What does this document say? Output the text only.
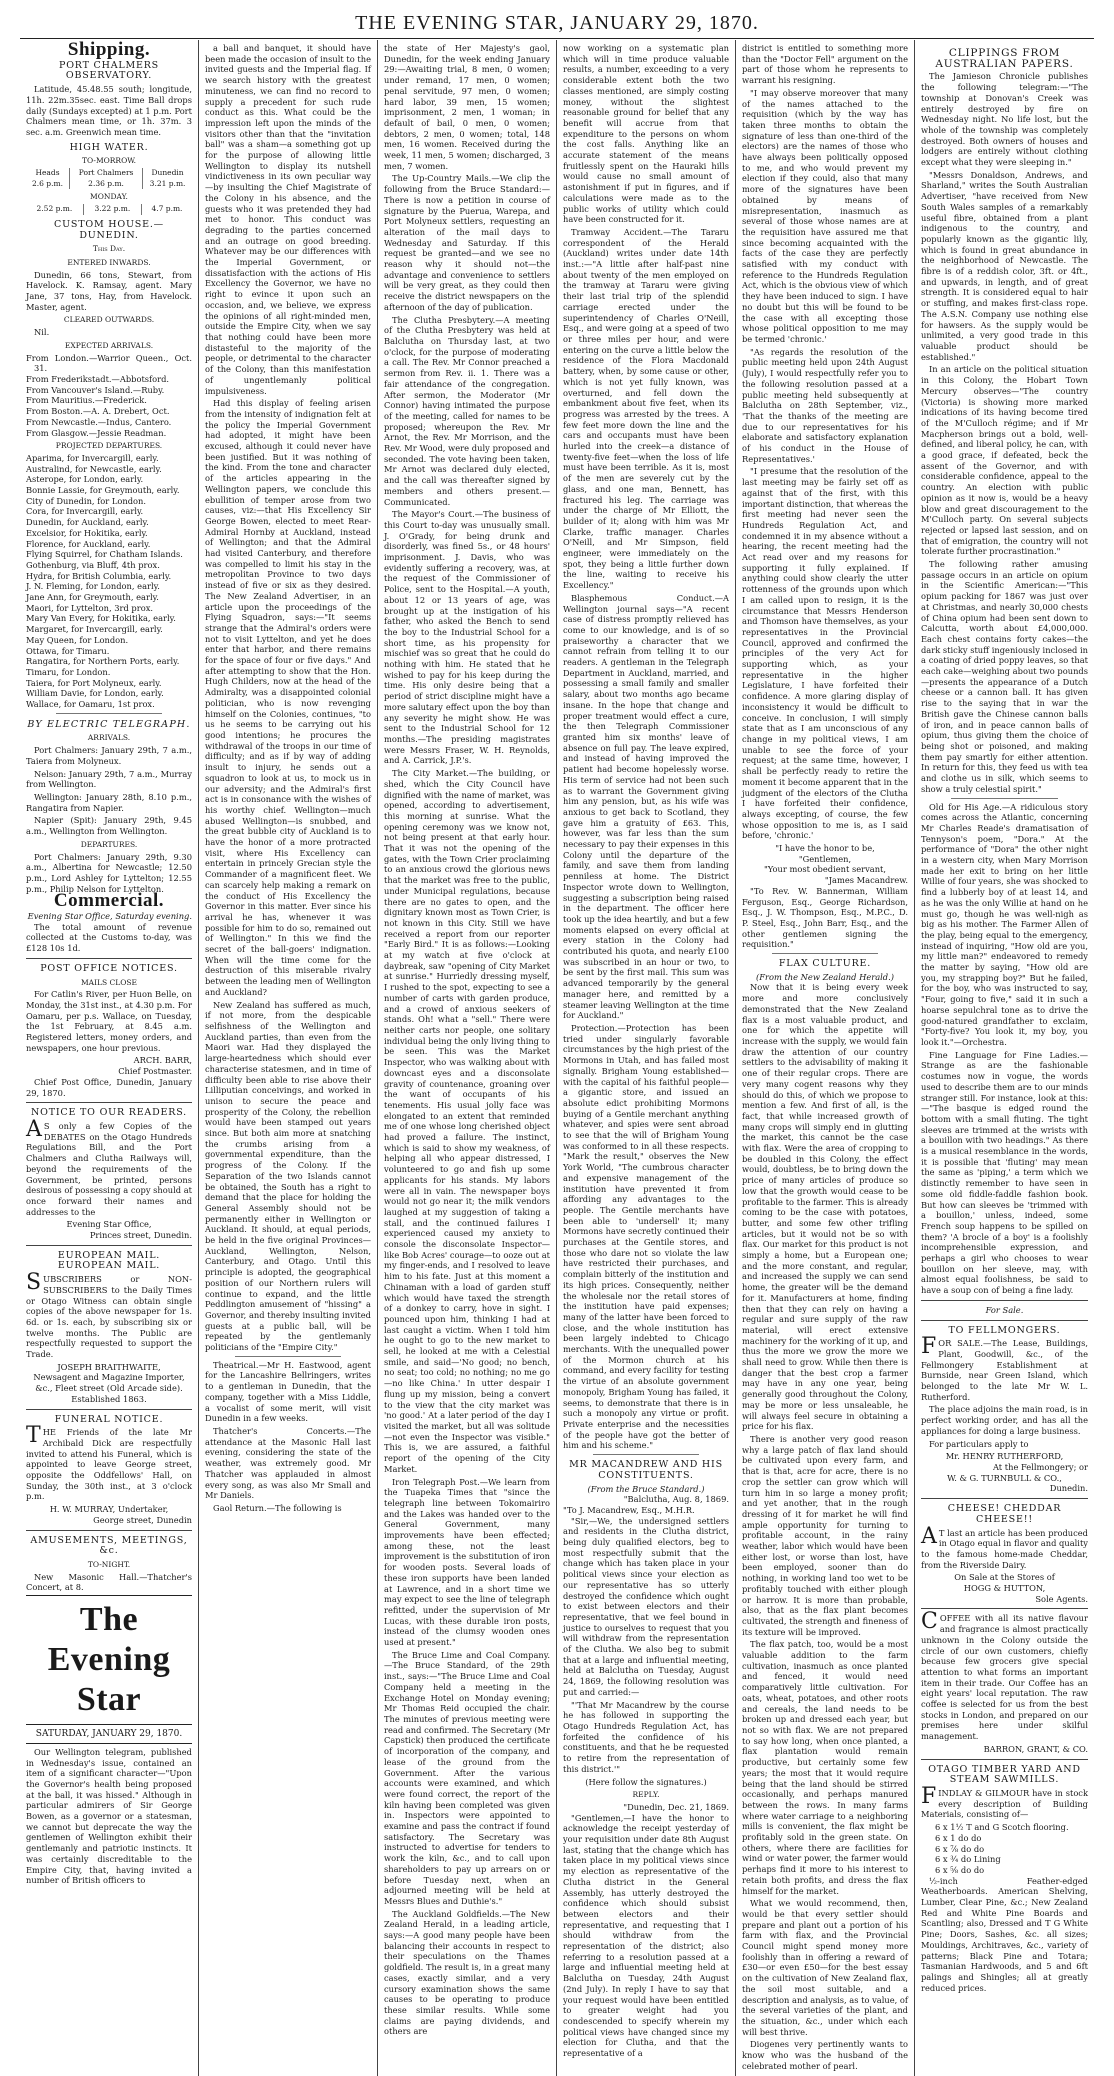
THE EVENING STAR, JANUARY 29, 1870.
Shipping.
PORT CHALMERS OBSERVATORY.

Latitude, 45.48.55 south; longitude, 11h. 22m.35sec. east. Time Ball drops daily (Sundays excepted) at 1 p.m. Port Chalmers mean time, or 1h. 37m. 3 sec. a.m. Greenwich mean time.

HIGH WATER.
TO-MORROW.
Heads	Port Chalmers	Dunedin
2.6 p.m.	2.36 p.m.	3.21 p.m.
MONDAY.
2.52 p.m.	3.22 p.m.	4.7 p.m.
CUSTOM HOUSE.—DUNEDIN.
This Day.
ENTERED INWARDS.

Dunedin, 66 tons, Stewart, from Havelock. K. Ramsay, agent. Mary Jane, 37 tons, Hay, from Havelock. Master, agent.

CLEARED OUTWARDS.

Nil.

EXPECTED ARRIVALS.
From London.—Warrior Queen., Oct. 31.
From Frederikstadt.—Abbotsford.
From Vancouver's Island.—Ruby.
From Mauritius.—Frederick.
From Boston.—A. A. Drebert, Oct.
From Newcastle.—Indus, Cantero.
From Glasgow.—Jessie Readman.
PROJECTED DEPARTURES.
Aparima, for Invercargill, early.
Australind, for Newcastle, early.
Asterope, for London, early.
Bonnie Lassie, for Greymouth, early.
City of Dunedin, for London.
Cora, for Invercargill, early.
Dunedin, for Auckland, early.
Excelsior, for Hokitika, early.
Florence, for Auckland, early.
Flying Squirrel, for Chatham Islands.
Gothenburg, via Bluff, 4th prox.
Hydra, for British Columbia, early.
J. N. Fleming, for London, early.
Jane Ann, for Greymouth, early.
Maori, for Lyttelton, 3rd prox.
Mary Van Every, for Hokitika, early.
Margaret, for Invercargill, early.
May Queen, for London.
Ottawa, for Timaru.
Rangatira, for Northern Ports, early.
Timaru, for London.
Taiera, for Port Molyneux, early.
William Davie, for London, early.
Wallace, for Oamaru, 1st prox.
BY ELECTRIC TELEGRAPH.
ARRIVALS.

Port Chalmers: January 29th, 7 a.m., Taiera from Molyneux.

Nelson: January 29th, 7 a.m., Murray from Wellington.

Wellington: January 28th, 8.10 p.m., Rangatira from Napier.

Napier (Spit): January 29th, 9.45 a.m., Wellington from Wellington.

DEPARTURES.

Port Chalmers: January 29th, 9.30 a.m., Albertina for Newcastle; 12.50 p.m., Lord Ashley for Lyttelton; 12.55 p.m., Philip Nelson for Lyttelton.

Commercial.
Evening Star Office, Saturday evening.

The total amount of revenue collected at the Customs to-day, was £128 10s 1d.

POST OFFICE NOTICES.
MAILS CLOSE

For Catlin's River, per Huon Belle, on Monday, the 31st inst., at 4.30 p.m. For Oamaru, per p.s. Wallace, on Tuesday, the 1st February, at 8.45 a.m. Registered letters, money orders, and newspapers, one hour previous.

ARCH. BARR,
Chief Postmaster.

Chief Post Office, Dunedin, January 29, 1870.

NOTICE TO OUR READERS.

AS only a few Copies of the DEBATES on the Otago Hundreds Regulations Bill, and the Port Chalmers and Clutha Railways will, beyond the requirements of the Government, be printed, persons desirous of possessing a copy should at once forward their names and addresses to the

Evening Star Office,
Princes street, Dunedin.
EUROPEAN MAIL. EUROPEAN MAIL.

SUBSCRIBERS or NON-SUBSCRIBERS to the Daily Times or Otago Witness can obtain single copies of the above newspaper for 1s. 6d. or 1s. each, by subscribing six or twelve months. The Public are respectfully requested to support the Trade.

JOSEPH BRAITHWAITE,
Newsagent and Magazine Importer, &c., Fleet street (Old Arcade side). Established 1863.
FUNERAL NOTICE.

THE Friends of the late Mr Archibald Dick are respectfully invited to attend his Funeral, which is appointed to leave George street, opposite the Oddfellows' Hall, on Sunday, the 30th inst., at 3 o'clock p.m.

H. W. MURRAY, Undertaker,
George street, Dunedin
AMUSEMENTS, MEETINGS, &c.
TO-NIGHT.

New Masonic Hall.—Thatcher's Concert, at 8.

The Evening Star
SATURDAY, JANUARY 29, 1870.

Our Wellington telegram, published in Wednesday's issue, contained an item of a significant character—"Upon the Governor's health being proposed at the ball, it was hissed." Although in particular admirers of Sir George Bowen, as a governor or a statesman, we cannot but deprecate the way the gentlemen of Wellington exhibit their gentlemanly and patriotic instincts. It was certainly discreditable to the Empire City, that, having invited a number of British officers to

a ball and banquet, it should have been made the occasion of insult to the invited guests and the Imperial flag. If we search history with the greatest minuteness, we can find no record to supply a precedent for such rude conduct as this. What could be the impression left upon the minds of the visitors other than that the "invitation ball" was a sham—a something got up for the purpose of allowing little Wellington to display its nutshell vindictiveness in its own peculiar way—by insulting the Chief Magistrate of the Colony in his absence, and the guests who it was pretended they had met to honor. This conduct was degrading to the parties concerned and an outrage on good breeding. Whatever may be our differences with the Imperial Government, or dissatisfaction with the actions of His Excellency the Governor, we have no right to evince it upon such an occasion, and, we believe, we express the opinions of all right-minded men, outside the Empire City, when we say that nothing could have been more distasteful to the majority of the people, or detrimental to the character of the Colony, than this manifestation of ungentlemanly political impulsiveness.

Had this display of feeling arisen from the intensity of indignation felt at the policy the Imperial Government had adopted, it might have been excused, although it could never have been justified. But it was nothing of the kind. From the tone and character of the articles appearing in the Wellington papers, we conclude this ebullition of temper arose from two causes, viz:—that His Excellency Sir George Bowen, elected to meet Rear-Admiral Hornby at Auckland, instead of Wellington; and that the Admiral had visited Canterbury, and therefore was compelled to limit his stay in the metropolitan Province to two days instead of five or six as they desired. The New Zealand Advertiser, in an article upon the proceedings of the Flying Squadron, says:—"It seems strange that the Admiral's orders were not to visit Lyttelton, and yet he does enter that harbor, and there remains for the space of four or five days." And after attempting to show that the Hon. Hugh Childers, now at the head of the Admiralty, was a disappointed colonial politician, who is now revenging himself on the Colonies, continues, "to us he seems to be carrying out his good intentions; he procures the withdrawal of the troops in our time of difficulty; and as if by way of adding insult to injury, he sends out a squadron to look at us, to mock us in our adversity; and the Admiral's first act is in consonance with the wishes of his worthy chief. Wellington—much abused Wellington—is snubbed, and the great bubble city of Auckland is to have the honor of a more protracted visit, where His Excellency can entertain in princely Grecian style the Commander of a magnificent fleet. We can scarcely help making a remark on the conduct of His Excellency the Governor in this matter. Ever since his arrival he has, whenever it was possible for him to do so, remained out of Wellington." In this we find the secret of the ball-goers' indignation. When will the time come for the destruction of this miserable rivalry between the leading men of Wellington and Auckland?

New Zealand has suffered as much, if not more, from the despicable selfishness of the Wellington and Auckland parties, than even from the Maori war. Had they displayed the large-heartedness which should ever characterise statesmen, and in time of difficulty been able to rise above their Lilliputian conceivings, and worked in unison to secure the peace and prosperity of the Colony, the rebellion would have been stamped out years since. But both aim more at snatching the crumbs arising from a governmental expenditure, than the progress of the Colony. If the Separation of the two Islands cannot be obtained, the South has a right to demand that the place for holding the General Assembly should not be permanently either in Wellington or Auckland. It should, at equal periods, be held in the five original Provinces—Auckland, Wellington, Nelson, Canterbury, and Otago. Until this principle is adopted, the geographical position of our Northern rulers will continue to expand, and the little Peddlington amusement of "hissing" a Governor, and thereby insulting invited guests at a public ball, will be repeated by the gentlemanly politicians of the "Empire City."

Theatrical.—Mr H. Eastwood, agent for the Lancashire Bellringers, writes to a gentleman in Dunedin, that the company, together with a Miss Liddle, a vocalist of some merit, will visit Dunedin in a few weeks.

Thatcher's Concerts.—The attendance at the Masonic Hall last evening, considering the state of the weather, was extremely good. Mr Thatcher was applauded in almost every song, as was also Mr Small and Mr Daniels.

Gaol Return.—The following is

the state of Her Majesty's gaol, Dunedin, for the week ending January 29:—Awaiting trial, 8 men, 0 women; under remand, 17 men, 0 women; penal servitude, 97 men, 0 women; hard labor, 39 men, 15 women; imprisonment, 2 men, 1 woman; in default of bail, 0 men, 0 women; debtors, 2 men, 0 women; total, 148 men, 16 women. Received during the week, 11 men, 5 women; discharged, 3 men, 7 women.

The Up-Country Mails.—We clip the following from the Bruce Standard:—There is now a petition in course of signature by the Puerua, Warepa, and Port Molyneux settlers, requesting an alteration of the mail days to Wednesday and Saturday. If this request be granted—and we see no reason why it should not—the advantage and convenience to settlers will be very great, as they could then receive the district newspapers on the afternoon of the day of publication.

The Clutha Presbytery.—A meeting of the Clutha Presbytery was held at Balclutha on Thursday last, at two o'clock, for the purpose of moderating a call. The Rev. Mr Connor preached a sermon from Rev. ii. 1. There was a fair attendance of the congregation. After sermon, the Moderator (Mr Connor) having intimated the purpose of the meeting, called for names to be proposed; whereupon the Rev. Mr Arnot, the Rev. Mr Morrison, and the Rev. Mr Wood, were duly proposed and seconded. The vote having been taken, Mr Arnot was declared duly elected, and the call was thereafter signed by members and others present.—Communicated.

The Mayor's Court.—The business of this Court to-day was unusually small. J. O'Grady, for being drunk and disorderly, was fined 5s., or 48 hours' imprisonment. J. Davis, who was evidently suffering a recovery, was, at the request of the Commissioner of Police, sent to the Hospital.—A youth, about 12 or 13 years of age, was brought up at the instigation of his father, who asked the Bench to send the boy to the Industrial School for a short time, as his propensity for mischief was so great that he could do nothing with him. He stated that he wished to pay for his keep during the time. His only desire being that a period of strict discipline might have a more salutary effect upon the boy than any severity he might show. He was sent to the Industrial School for 12 months.—The presiding magistrates were Messrs Fraser, W. H. Reynolds, and A. Carrick, J.P.'s.

The City Market.—The building, or shed, which the City Council have dignified with the name of market, was opened, according to advertisement, this morning at sunrise. What the opening ceremony was we know not, not being present at that early hour. That it was not the opening of the gates, with the Town Crier proclaiming to an anxious crowd the glorious news that the market was free to the public, under Municipal regulations, because there are no gates to open, and the dignitary known most as Town Crier, is not known in this City. Still we have received a report from our reporter "Early Bird." It is as follows:—Looking at my watch at five o'clock at daybreak, saw "opening of City Market at sunrise." Hurriedly dressing myself, I rushed to the spot, expecting to see a number of carts with garden produce, and a crowd of anxious seekers of stands. Oh! what a "sell." There were neither carts nor people, one solitary individual being the only living thing to be seen. This was the Market Inspector, who was walking about with downcast eyes and a disconsolate gravity of countenance, groaning over the want of occupants of his tenements. His usual jolly face was elongated to an extent that reminded me of one whose long cherished object had proved a failure. The instinct, which is said to show my weakness, of helping all who appear distressed, I volunteered to go and fish up some applicants for his stands. My labors were all in vain. The newspaper boys would not go near it; the milk vendors laughed at my suggestion of taking a stall, and the continued failures I experienced caused my anxiety to console the disconsolate Inspector—like Bob Acres' courage—to ooze out at my finger-ends, and I resolved to leave him to his fate. Just at this moment a Chinaman with a load of garden stuff which would have taxed the strength of a donkey to carry, hove in sight. I pounced upon him, thinking I had at last caught a victim. When I told him he ought to go to the new market to sell, he looked at me with a Celestial smile, and said—'No good; no bench, no seat; too cold; no nothing; no me go—no like China.' In utter despair I flung up my mission, being a convert to the view that the city market was 'no good.' At a later period of the day I visited the market, but all was solitude—not even the Inspector was visible." This is, we are assured, a faithful report of the opening of the City Market.

Iron Telegraph Post.—We learn from the Tuapeka Times that "since the telegraph line between Tokomairiro and the Lakes was handed over to the General Government, many improvements have been effected; among these, not the least improvement is the substitution of iron for wooden posts. Several loads of these iron supports have been landed at Lawrence, and in a short time we may expect to see the line of telegraph refitted, under the supervision of Mr Lucas, with these durable iron posts, instead of the clumsy wooden ones used at present."

The Bruce Lime and Coal Company.—The Bruce Standard, of the 29th inst., says:—"The Bruce Lime and Coal Company held a meeting in the Exchange Hotel on Monday evening; Mr Thomas Reid occupied the chair. The minutes of previous meeting were read and confirmed. The Secretary (Mr Capstick) then produced the certificate of incorporation of the company, and lease of the ground from the Government. After the various accounts were examined, and which were found correct, the report of the kiln having been completed was given in. Inspectors were appointed to examine and pass the contract if found satisfactory. The Secretary was instructed to advertise for tenders to work the kiln, &c., and to call upon shareholders to pay up arrears on or before Tuesday next, when an adjourned meeting will be held at Messrs Blues and Duthie's."

The Auckland Goldfields.—The New Zealand Herald, in a leading article, says:—A good many people have been balancing their accounts in respect to their speculations on the Thames goldfield. The result is, in a great many cases, exactly similar, and a very cursory examination shows the same causes to be operating to produce these similar results. While some claims are paying dividends, and others are

now working on a systematic plan which will in time produce valuable results, a number, exceeding to a very considerable extent both the two classes mentioned, are simply costing money, without the slightest reasonable ground for belief that any benefit will accrue from that expenditure to the persons on whom the cost falls. Anything like an accurate statement of the means fruitlessly spent on the Hauraki hills would cause no small amount of astonishment if put in figures, and if calculations were made as to the public works of utility which could have been constructed for it.

Tramway Accident.—The Tararu correspondent of the Herald (Auckland) writes under date 14th inst.:—"A little after half-past nine about twenty of the men employed on the tramway at Tararu were giving their last trial trip of the splendid carriage erected under the superintendency of Charles O'Neill, Esq., and were going at a speed of two or three miles per hour, and were entering on the curve a little below the residence of the Flora Macdonald battery, when, by some cause or other, which is not yet fully known, was overturned, and fell down the embankment about five feet, when its progress was arrested by the trees. A few feet more down the line and the cars and occupants must have been hurled into the creek—a distance of twenty-five feet—when the loss of life must have been terrible. As it is, most of the men are severely cut by the glass, and one man, Bennett, has fractured his leg. The carriage was under the charge of Mr Elliott, the builder of it; along with him was Mr Clarke, traffic manager. Charles O'Neill, and Mr Simpson, field engineer, were immediately on the spot, they being a little further down the line, waiting to receive his Excellency."

Blasphemous Conduct.—A Wellington journal says—"A recent case of distress promptly relieved has come to our knowledge, and is of so praiseworthy a character that we cannot refrain from telling it to our readers. A gentleman in the Telegraph Department in Auckland, married, and possessing a small family and smaller salary, about two months ago became insane. In the hope that change and proper treatment would effect a cure, the then Telegraph Commissioner granted him six months' leave of absence on full pay. The leave expired, and instead of having improved the patient had become hopelessly worse. His term of service had not been such as to warrant the Government giving him any pension, but, as his wife was anxious to get back to Scotland, they gave him a gratuity of £63. This, however, was far less than the sum necessary to pay their expenses in this Colony until the departure of the family, and save them from landing penniless at home. The District Inspector wrote down to Wellington, suggesting a subscription being raised in the department. The officer here took up the idea heartily, and but a few moments elapsed on every official at every station in the Colony had contributed his quota, and nearly £100 was subscribed in an hour or two, to be sent by the first mail. This sum was advanced temporarily by the general manager here, and remitted by a steamer leaving Wellington at the time for Auckland."

Protection.—Protection has been tried under singularly favorable circumstances by the high priest of the Mormons in Utah, and has failed most signally. Brigham Young established—with the capital of his faithful people—a gigantic store, and issued an absolute edict prohibiting Mormons buying of a Gentile merchant anything whatever, and spies were sent abroad to see that the will of Brigham Young was conformed to in all these respects. "Mark the result," observes the New York World, "The cumbrous character and expensive management of the institution have prevented it from affording any advantages to the people. The Gentile merchants have been able to 'undersell' it; many Mormons have secretly continued their purchases at the Gentile stores, and those who dare not so violate the law have restricted their purchases, and complain bitterly of the institution and its high prices. Consequently, neither the wholesale nor the retail stores of the institution have paid expenses; many of the latter have been forced to close, and the whole institution has been largely indebted to Chicago merchants. With the unequalled power of the Mormon church at his command, and every facility for testing the virtue of an absolute government monopoly, Brigham Young has failed, it seems, to demonstrate that there is in such a monopoly any virtue or profit. Private enterprise and the necessities of the people have got the better of him and his scheme."

MR MACANDREW AND HIS CONSTITUENTS.
(From the Bruce Standard.)
"Balclutha, Aug. 8, 1869.
"To J. Macandrew, Esq., M.H.R.

"Sir,—We, the undersigned settlers and residents in the Clutha district, being duly qualified electors, beg to most respectfully submit that the change which has taken place in your political views since your election as our representative has so utterly destroyed the confidence which ought to exist between electors and their representative, that we feel bound in justice to ourselves to request that you will withdraw from the representation of the Clutha. We also beg to submit that at a large and influential meeting, held at Balclutha on Tuesday, August 24, 1869, the following resolution was put and carried:—

"'That Mr Macandrew by the course he has followed in supporting the Otago Hundreds Regulation Act, has forfeited the confidence of his constituents, and that he be requested to retire from the representation of this district.'"

(Here follow the signatures.)
REPLY.
"Dunedin, Dec. 21, 1869.

"Gentlemen,—I have the honor to acknowledge the receipt yesterday of your requisition under date 8th August last, stating that the change which has taken place in my political views since my election as representative of the Clutha district in the General Assembly, has utterly destroyed the confidence which should subsist between electors and their representative, and requesting that I should withdraw from the representation of the district; also referring to a resolution passed at a large and influential meeting held at Balclutha on Tuesday, 24th August (2nd July). In reply I have to say that your request would have been entitled to greater weight had you condescended to specify wherein my political views have changed since my election for Clutha, and that the representative of a

district is entitled to something more than the "Doctor Fell" argument on the part of those whom he represents to warrant his resigning.

"I may observe moreover that many of the names attached to the requisition (which by the way has taken three months to obtain the signature of less than one-third of the electors) are the names of those who have always been politically opposed to me, and who would prevent my election if they could, also that many more of the signatures have been obtained by means of misrepresentation, inasmuch as several of those whose names are at the requisition have assured me that since becoming acquainted with the facts of the case they are perfectly satisfied with my conduct with reference to the Hundreds Regulation Act, which is the obvious view of which they have been induced to sign. I have no doubt but this will be found to be the case with all excepting those whose political opposition to me may be termed 'chronic.'

"As regards the resolution of the public meeting held upon 24th August (July), I would respectfully refer you to the following resolution passed at a public meeting held subsequently at Balclutha on 28th September, viz., 'That the thanks of the meeting are due to our representatives for his elaborate and satisfactory explanation of his conduct in the House of Representatives.'

"I presume that the resolution of the last meeting may be fairly set off as against that of the first, with this important distinction, that whereas the first meeting had never seen the Hundreds Regulation Act, and condemned it in my absence without a hearing, the recent meeting had the Act read over and my reasons for supporting it fully explained. If anything could show clearly the utter rottenness of the grounds upon which I am called upon to resign, it is the circumstance that Messrs Henderson and Thomson have themselves, as your representatives in the Provincial Council, approved and confirmed the principles of the very Act for supporting which, as your representative in the higher Legislature, I have forfeited their confidence. A more glaring display of inconsistency it would be difficult to conceive. In conclusion, I will simply state that as I am unconscious of any change in my political views, I am unable to see the force of your request; at the same time, however, I shall be perfectly ready to retire the moment it become apparent that in the judgment of the electors of the Clutha I have forfeited their confidence, always excepting, of course, the few whose opposition to me is, as I said before, 'chronic.'

"I have the honor to be,
"Gentlemen,
"Your most obedient servant,
"James Macandrew.

"To Rev. W. Bannerman, William Ferguson, Esq., George Richardson, Esq., J. W. Thompson, Esq., M.P.C., D. P. Steel, Esq., John Barr, Esq., and the other gentlemen signing the requisition."

FLAX CULTURE.
(From the New Zealand Herald.)

Now that it is being every week more and more conclusively demonstrated that the New Zealand flax is a most valuable product, and one for which the appetite will increase with the supply, we would fain draw the attention of our country settlers to the advisability of making it one of their regular crops. There are very many cogent reasons why they should do this, of which we propose to mention a few. And first of all, is the fact, that while increased growth of many crops will simply end in glutting the market, this cannot be the case with flax. Were the area of cropping to be doubled in this Colony, the effect would, doubtless, be to bring down the price of many articles of produce so low that the growth would cease to be profitable to the farmer. This is already coming to be the case with potatoes, butter, and some few other trifling articles, but it would not be so with flax. Our market for this product is not simply a home, but a European one; and the more constant, and regular, and increased the supply we can send home, the greater will be the demand for it. Manufacturers at home, finding then that they can rely on having a regular and sure supply of the raw material, will erect extensive machinery for the working of it up, and thus the more we grow the more we shall need to grow. While then there is danger that the best crop a farmer may have in any one year, being generally good throughout the Colony, may be more or less unsaleable, he will always feel secure in obtaining a price for his flax.

There is another very good reason why a large patch of flax land should be cultivated upon every farm, and that is that, acre for acre, there is no crop the settler can grow which will turn him in so large a money profit; and yet another, that in the rough dressing of it for market he will find ample opportunity for turning to profitable account, in the rainy weather, labor which would have been either lost, or worse than lost, have been employed, sooner than do nothing, in working land too wet to be profitably touched with either plough or harrow. It is more than probable, also, that as the flax plant becomes cultivated, the strength and fineness of its texture will be improved.

The flax patch, too, would be a most valuable addition to the farm cultivation, inasmuch as once planted and fenced, it would need comparatively little cultivation. For oats, wheat, potatoes, and other roots and cereals, the land needs to be broken up and dressed each year, but not so with flax. We are not prepared to say how long, when once planted, a flax plantation would remain productive, but certainly some few years; the most that it would require being that the land should be stirred occasionally, and perhaps manured between the rows. In many farms where water carriage to a neighboring mills is convenient, the flax might be profitably sold in the green state. On others, where there are facilities for wind or water power, the farmer would perhaps find it more to his interest to retain both profits, and dress the flax himself for the market.

What we would recommend, then, would be that every settler should prepare and plant out a portion of his farm with flax, and the Provincial Council might spend money more foolishly than in offering a reward of £30—or even £50—for the best essay on the cultivation of New Zealand flax, the soil most suitable, and a description and analysis, as to value, of the several varieties of the plant, and the situation, &c., under which each will best thrive.

Diogenes very pertinently wants to know who was the husband of the celebrated mother of pearl.

CLIPPINGS FROM AUSTRALIAN PAPERS.

The Jamieson Chronicle publishes the following telegram:—"The township at Donovan's Creek was entirely destroyed by fire on Wednesday night. No life lost, but the whole of the township was completely destroyed. Both owners of houses and lodgers are entirely without clothing except what they were sleeping in."

"Messrs Donaldson, Andrews, and Sharland," writes the South Australian Advertiser, "have received from New South Wales samples of a remarkably useful fibre, obtained from a plant indigenous to the country, and popularly known as the gigantic lily, which is found in great abundance in the neighborhood of Newcastle. The fibre is of a reddish color, 3ft. or 4ft., and upwards, in length, and of great strength. It is considered equal to hair or stuffing, and makes first-class rope. The A.S.N. Company use nothing else for hawsers. As the supply would be unlimited, a very good trade in this valuable product should be established."

In an article on the political situation in this Colony, the Hobart Town Mercury observes—"The country (Victoria) is showing more marked indications of its having become tired of the M'Culloch régime; and if Mr Macpherson brings out a bold, well-defined, and liberal policy, he can, with a good grace, if defeated, beck the assent of the Governor, and with considerable confidence, appeal to the country. An election with public opinion as it now is, would be a heavy blow and great discouragement to the M'Culloch party. On several subjects rejected or lapsed last session, and on that of emigration, the country will not tolerate further procrastination."

The following rather amusing passage occurs in an article on opium in the Scientific American:—"This opium packing for 1867 was just over at Christmas, and nearly 30,000 chests of China opium had been sent down to Calcutta, worth about £4,000,000. Each chest contains forty cakes—the dark sticky stuff ingeniously inclosed in a coating of dried poppy leaves, so that each cake—weighing about two pounds—presents the appearance of a Dutch cheese or a cannon ball. It has given rise to the saying that in war the British gave the Chinese cannon balls of iron, and in peace cannon balls of opium, thus giving them the choice of being shot or poisoned, and making them pay smartly for either attention. In return for this, they feed us with tea and clothe us in silk, which seems to show a truly celestial spirit."

Old for His Age.—A ridiculous story comes across the Atlantic, concerning Mr Charles Reade's dramatisation of Tennyson's poem, "Dora." At the performance of "Dora" the other night in a western city, when Mary Morrison made her exit to bring on her little Willie of four years, she was shocked to find a lubberly boy of at least 14, and as he was the only Willie at hand on he must go, though he was well-nigh as big as his mother. The Farmer Allen of the play, being equal to the emergency, instead of inquiring, "How old are you, my little man?" endeavored to remedy the matter by saying, "How old are you, my strapping boy?" But he failed, for the boy, who was instructed to say, "Four, going to five," said it in such a hoarse sepulchral tone as to drive the good-natured grandfather to exclaim, "Forty-five? You look it, my boy, you look it."—Orchestra.

Fine Language for Fine Ladies.—Strange as are the fashionable costumes now in vogue, the words used to describe them are to our minds stranger still. For instance, look at this:—"The basque is edged round the bottom with a small fluting. The tight sleeves are trimmed at the wrists with a bouillon with two headings." As there is a musical resemblance in the words, it is possible that 'fluting' may mean the same as 'piping,' a term which we distinctly remember to have seen in some old fiddle-faddle fashion book. But how can sleeves be 'trimmed with a bouillon,' unless, indeed, some French soup happens to be spilled on them? 'A brocle of a boy' is a foolishly incomprehensible expression, and perhaps a girl who chooses to wear bouillon on her sleeve, may, with almost equal foolishness, be said to have a soup con of being a fine lady.

For Sale.
TO FELLMONGERS.

FOR SALE.—The Lease, Buildings, Plant, Goodwill, &c., of the Fellmongery Establishment at Burnside, near Green Island, which belonged to the late Mr W. L. Rutherford.

The place adjoins the main road, is in perfect working order, and has all the appliances for doing a large business.

For particulars apply to

Mr. HENRY RUTHERFORD,
At the Fellmongery; or
W. & G. TURNBULL & CO.,
Dunedin.
CHEESE! CHEDDAR CHEESE!!

AT last an article has been produced in Otago equal in flavor and quality to the famous home-made Cheddar, from the Riverside Dairy.

On Sale at the Stores of
HOGG & HUTTON,
Sole Agents.

COFFEE with all its native flavour and fragrance is almost practically unknown in the Colony outside the circle of our own customers, chiefly because few grocers give special attention to what forms an important item in their trade. Our Coffee has an eight years' local reputation. The raw coffee is selected for us from the best stocks in London, and prepared on our premises here under skilful management.

BARRON, GRANT, & CO.
OTAGO TIMBER YARD AND STEAM SAWMILLS.

FINDLAY & GILMOUR have in stock every description of Building Materials, consisting of—

6 x 1½ T and G Scotch flooring.
6 x 1 do do
6 x ⅞ do do
6 x ¾ do Lining
6 x ⅝ do do

½-inch Feather-edged Weatherboards. American Shelving, Lumber, Clear Pine, &c.; New Zealand Red and White Pine Boards and Scantling; also, Dressed and T G White Pine; Doors, Sashes, &c. all sizes; Mouldings, Architraves, &c., variety of patterns; Black Pine and Totara; Tasmanian Hardwoods, and 5 and 6ft palings and Shingles; all at greatly reduced prices.
